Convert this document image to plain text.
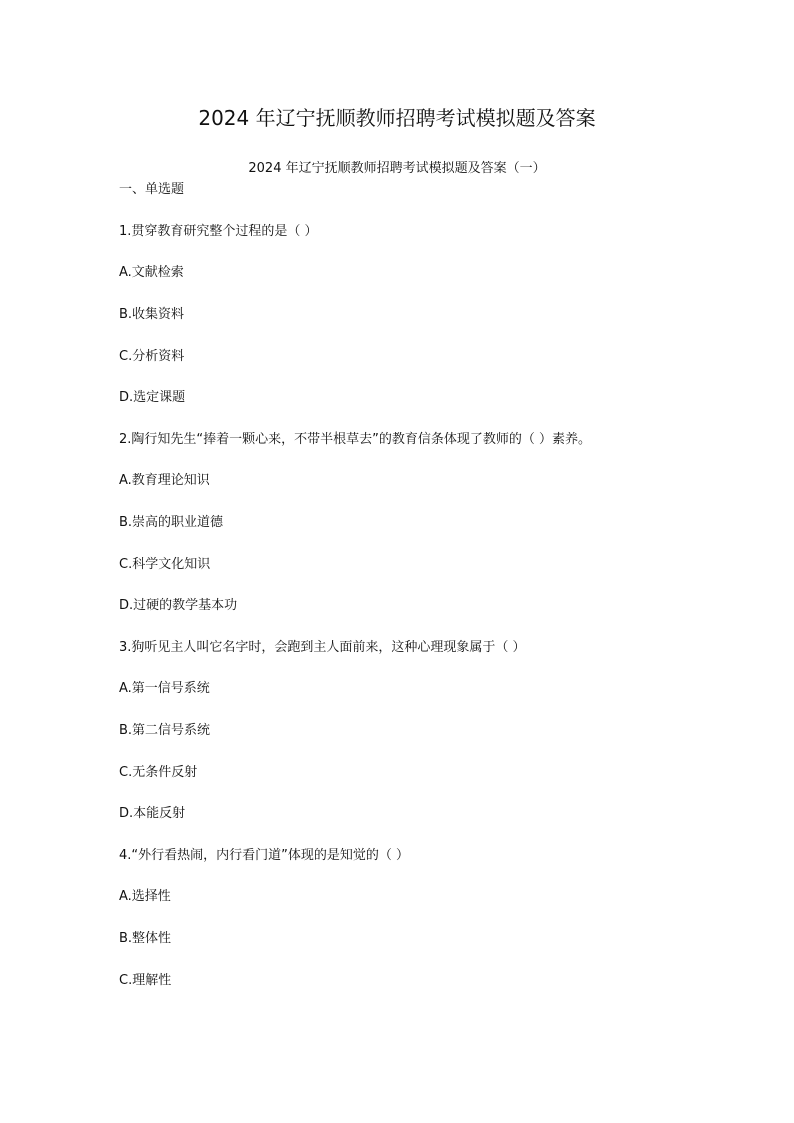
2024 年辽宁抚顺教师招聘考试模拟题及答案
2024 年辽宁抚顺教师招聘考试模拟题及答案（一）
一、单选题
1.贯穿教育研究整个过程的是（ ）
A.文献检索
B.收集资料
C.分析资料
D.选定课题
2.陶行知先生“捧着一颗心来，不带半根草去”的教育信条体现了教师的（ ）素养。
A.教育理论知识
B.崇高的职业道德
C.科学文化知识
D.过硬的教学基本功
3.狗听见主人叫它名字时，会跑到主人面前来，这种心理现象属于（ ）
A.第一信号系统
B.第二信号系统
C.无条件反射
D.本能反射
4.“外行看热闹，内行看门道”体现的是知觉的（ ）
A.选择性
B.整体性
C.理解性
